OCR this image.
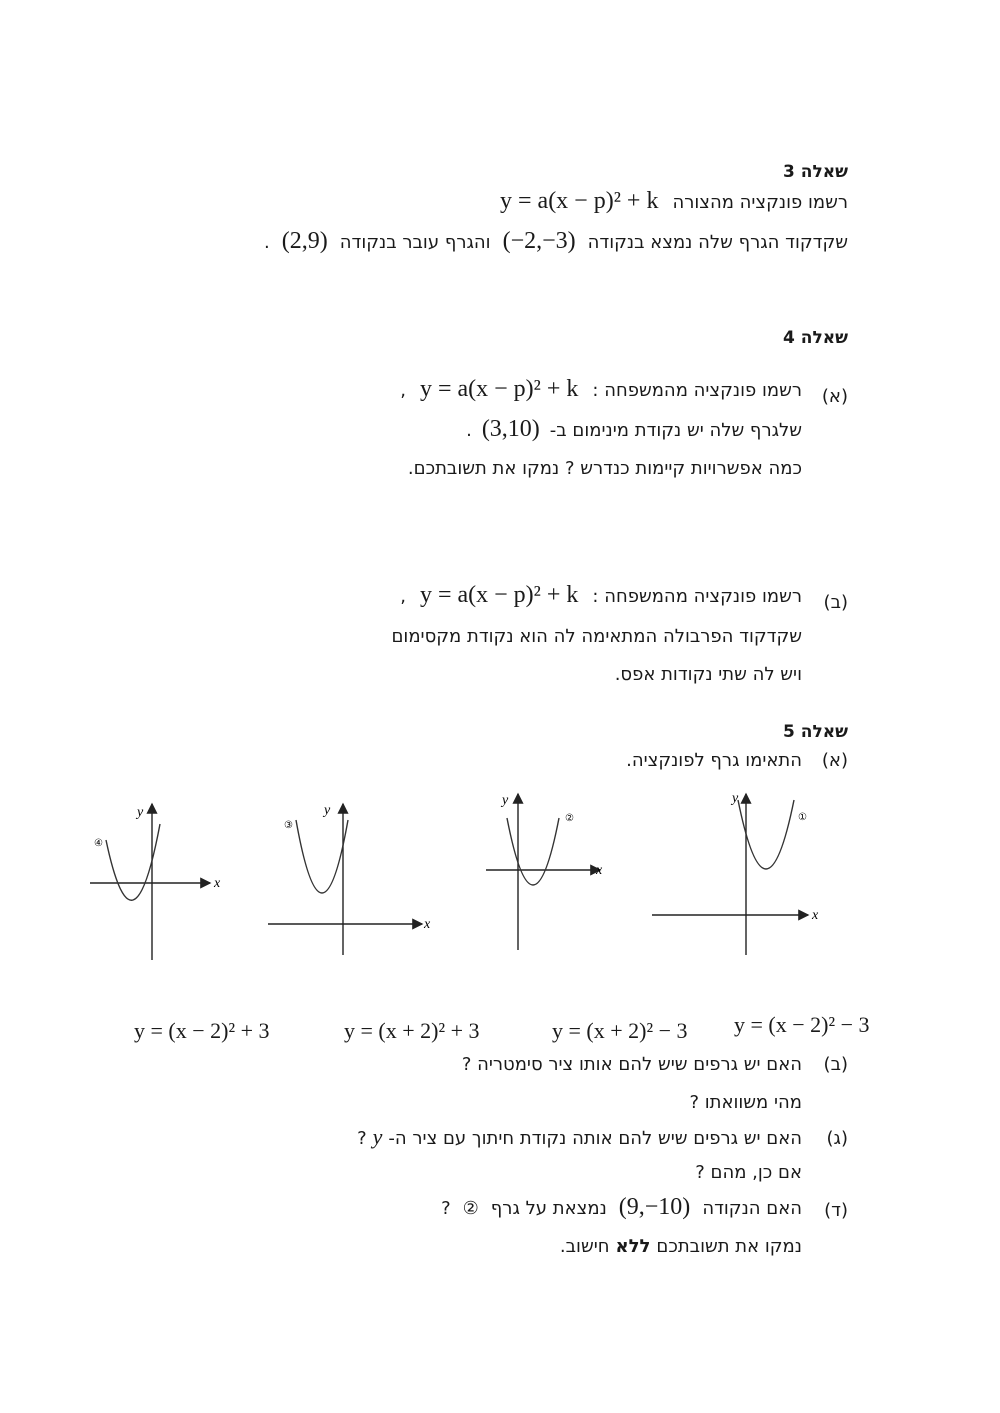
שאלה 3
רשמו פונקציה מהצורה
y = a(x − p)² + k
שקדקוד הגרף שלה נמצא בנקודה
(−2,−3)
והגרף עובר בנקודה
(2,9)
.
שאלה 4
(א)
רשמו פונקציה מהמשפחה :
y = a(x − p)² + k
,
שלגרף שלה יש נקודת מינימום ב-
(3,10)
.
כמה אפשרויות קיימות כנדרש ? נמקו את תשובתכם.
(ב)
רשמו פונקציה מהמשפחה :
y = a(x − p)² + k
,
שקדקוד הפרבולה המתאימה לה הוא נקודת מקסימום
ויש לה שתי נקודות אפס.
שאלה 5
(א)
התאימו גרף לפונקציה.
x
y
①
x
y
②
x
y
③
x
y
④
y = (x − 2)² − 3
y = (x + 2)² − 3
y = (x + 2)² + 3
y = (x − 2)² + 3
(ב)
האם יש גרפים שיש להם אותו ציר סימטריה ?
מהי משוואתו ?
(ג)
האם יש גרפים שיש להם אותה נקודת חיתוך עם ציר ה-
y
?
אם כן, מהם ?
(ד)
האם הנקודה
(9,−10)
נמצאת על גרף
②
?
נמקו את תשובתכם
ללא
חישוב.
